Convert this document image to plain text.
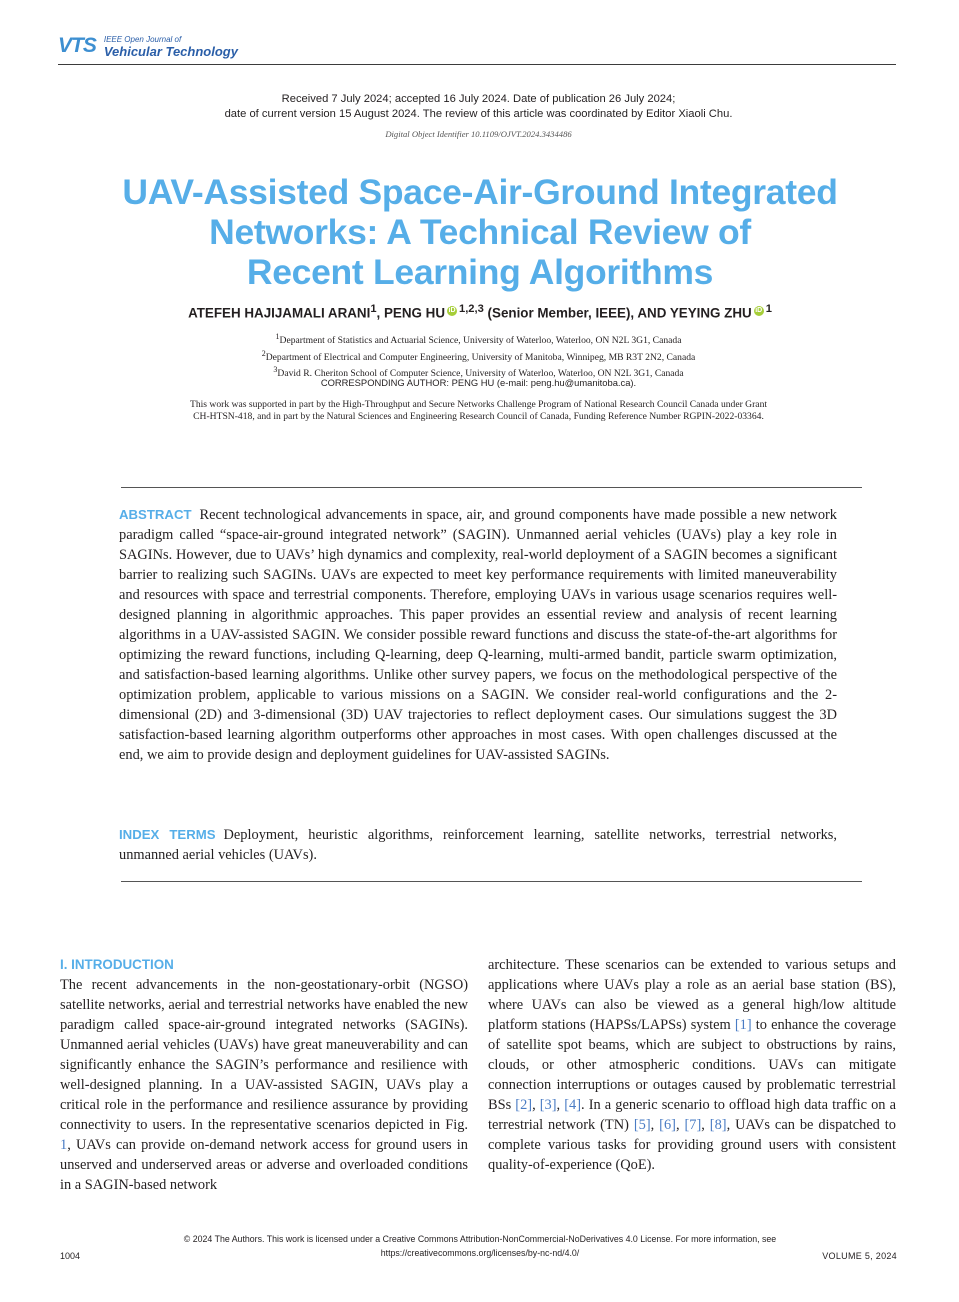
VTS IEEE Open Journal of
Vehicular Technology
Received 7 July 2024; accepted 16 July 2024. Date of publication 26 July 2024;
date of current version 15 August 2024. The review of this article was coordinated by Editor Xiaoli Chu.
Digital Object Identifier 10.1109/OJVT.2024.3434486
UAV-Assisted Space-Air-Ground Integrated
Networks: A Technical Review of
Recent Learning Algorithms
ATEFEH HAJIJAMALI ARANI$^1$, PENG HU iD $^{1,2,3}$ (Senior Member, IEEE), AND YEYING ZHU iD $^1$
$^1$Department of Statistics and Actuarial Science, University of Waterloo, Waterloo, ON N2L 3G1, Canada
$^2$Department of Electrical and Computer Engineering, University of Manitoba, Winnipeg, MB R3T 2N2, Canada
$^3$David R. Cheriton School of Computer Science, University of Waterloo, Waterloo, ON N2L 3G1, Canada
CORRESPONDING AUTHOR: PENG HU (e-mail: peng.hu@umanitoba.ca).
This work was supported in part by the High-Throughput and Secure Networks Challenge Program of National Research Council Canada under Grant
CH-HTSN-418, and in part by the Natural Sciences and Engineering Research Council of Canada, Funding Reference Number RGPIN-2022-03364.
ABSTRACT Recent technological advancements in space, air, and ground components have made possible a new network paradigm called “space-air-ground integrated network” (SAGIN). Unmanned aerial vehicles (UAVs) play a key role in SAGINs. However, due to UAVs’ high dynamics and complexity, real-world deployment of a SAGIN becomes a significant barrier to realizing such SAGINs. UAVs are expected to meet key performance requirements with limited maneuverability and resources with space and terrestrial components. Therefore, employing UAVs in various usage scenarios requires well-designed planning in algorithmic approaches. This paper provides an essential review and analysis of recent learning algorithms in a UAV-assisted SAGIN. We consider possible reward functions and discuss the state-of-the-art algorithms for optimizing the reward functions, including Q-learning, deep Q-learning, multi-armed bandit, particle swarm optimization, and satisfaction-based learning algorithms. Unlike other survey papers, we focus on the methodological perspective of the optimization problem, applicable to various missions on a SAGIN. We consider real-world configurations and the 2-dimensional (2D) and 3-dimensional (3D) UAV trajectories to reflect deployment cases. Our simulations suggest the 3D satisfaction-based learning algorithm outperforms other approaches in most cases. With open challenges discussed at the end, we aim to provide design and deployment guidelines for UAV-assisted SAGINs.
INDEX TERMS Deployment, heuristic algorithms, reinforcement learning, satellite networks, terrestrial networks, unmanned aerial vehicles (UAVs).
I. INTRODUCTION
The recent advancements in the non-geostationary-orbit (NGSO) satellite networks, aerial and terrestrial networks have enabled the new paradigm called space-air-ground integrated networks (SAGINs). Unmanned aerial vehicles (UAVs) have great maneuverability and can significantly enhance the SAGIN’s performance and resilience with well-designed planning. In a UAV-assisted SAGIN, UAVs play a critical role in the performance and resilience assurance by providing connectivity to users. In the representative scenarios depicted in Fig. 1, UAVs can provide on-demand network access for ground users in unserved and underserved areas or adverse and overloaded conditions in a SAGIN-based network
architecture. These scenarios can be extended to various setups and applications where UAVs play a role as an aerial base station (BS), where UAVs can also be viewed as a general high/low altitude platform stations (HAPSs/LAPSs) system [1] to enhance the coverage of satellite spot beams, which are subject to obstructions by rains, clouds, or other atmospheric conditions. UAVs can mitigate connection interruptions or outages caused by problematic terrestrial BSs [2], [3], [4]. In a generic scenario to offload high data traffic on a terrestrial network (TN) [5], [6], [7], [8], UAVs can be dispatched to complete various tasks for providing ground users with consistent quality-of-experience (QoE).
© 2024 The Authors. This work is licensed under a Creative Commons Attribution-NonCommercial-NoDerivatives 4.0 License. For more information, see
https://creativecommons.org/licenses/by-nc-nd/4.0/
1004	VOLUME 5, 2024
